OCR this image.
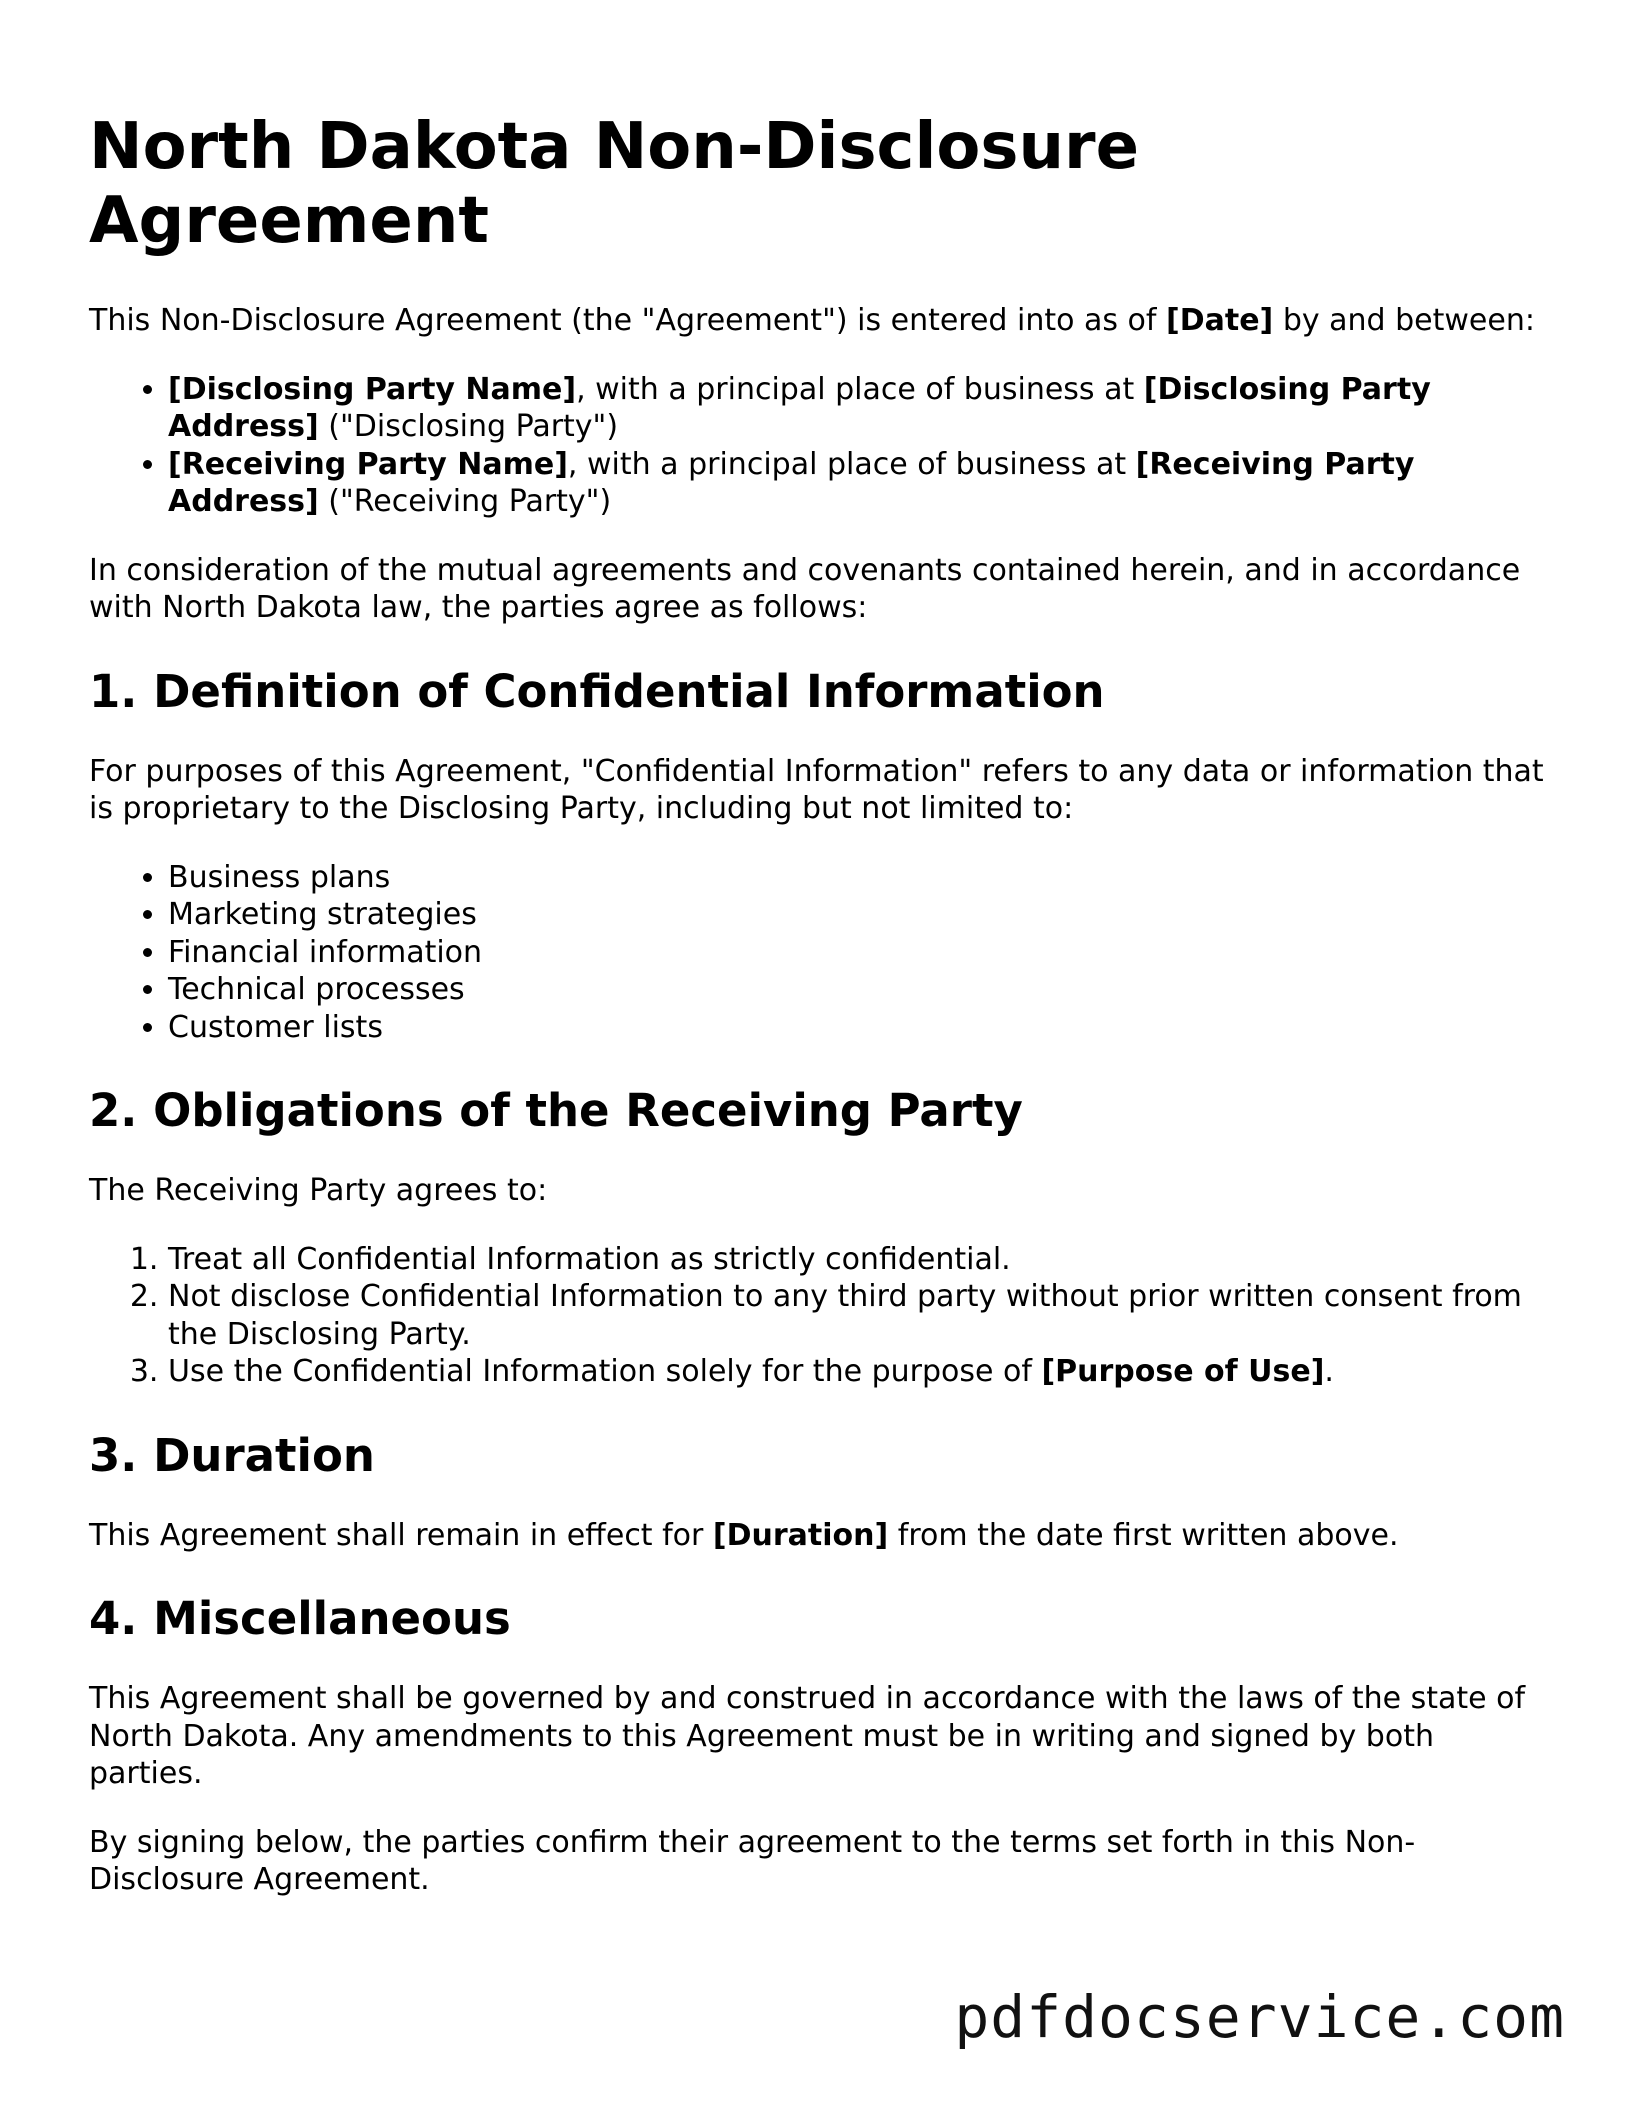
North Dakota Non-Disclosure Agreement

This Non-Disclosure Agreement (the "Agreement") is entered into as of [Date] by and between:

• [Disclosing Party Name], with a principal place of business at [Disclosing Party Address] ("Disclosing Party")
• [Receiving Party Name], with a principal place of business at [Receiving Party Address] ("Receiving Party")

In consideration of the mutual agreements and covenants contained herein, and in accordance with North Dakota law, the parties agree as follows:

1. Definition of Confidential Information

For purposes of this Agreement, "Confidential Information" refers to any data or information that is proprietary to the Disclosing Party, including but not limited to:

• Business plans
• Marketing strategies
• Financial information
• Technical processes
• Customer lists
2. Obligations of the Receiving Party

The Receiving Party agrees to:

1. Treat all Confidential Information as strictly confidential.
2. Not disclose Confidential Information to any third party without prior written consent from the Disclosing Party.
3. Use the Confidential Information solely for the purpose of [Purpose of Use].
3. Duration

This Agreement shall remain in effect for [Duration] from the date first written above.

4. Miscellaneous

This Agreement shall be governed by and construed in accordance with the laws of the state of North Dakota. Any amendments to this Agreement must be in writing and signed by both parties.

By signing below, the parties confirm their agreement to the terms set forth in this Non-Disclosure Agreement.

pdfdocservice.com
